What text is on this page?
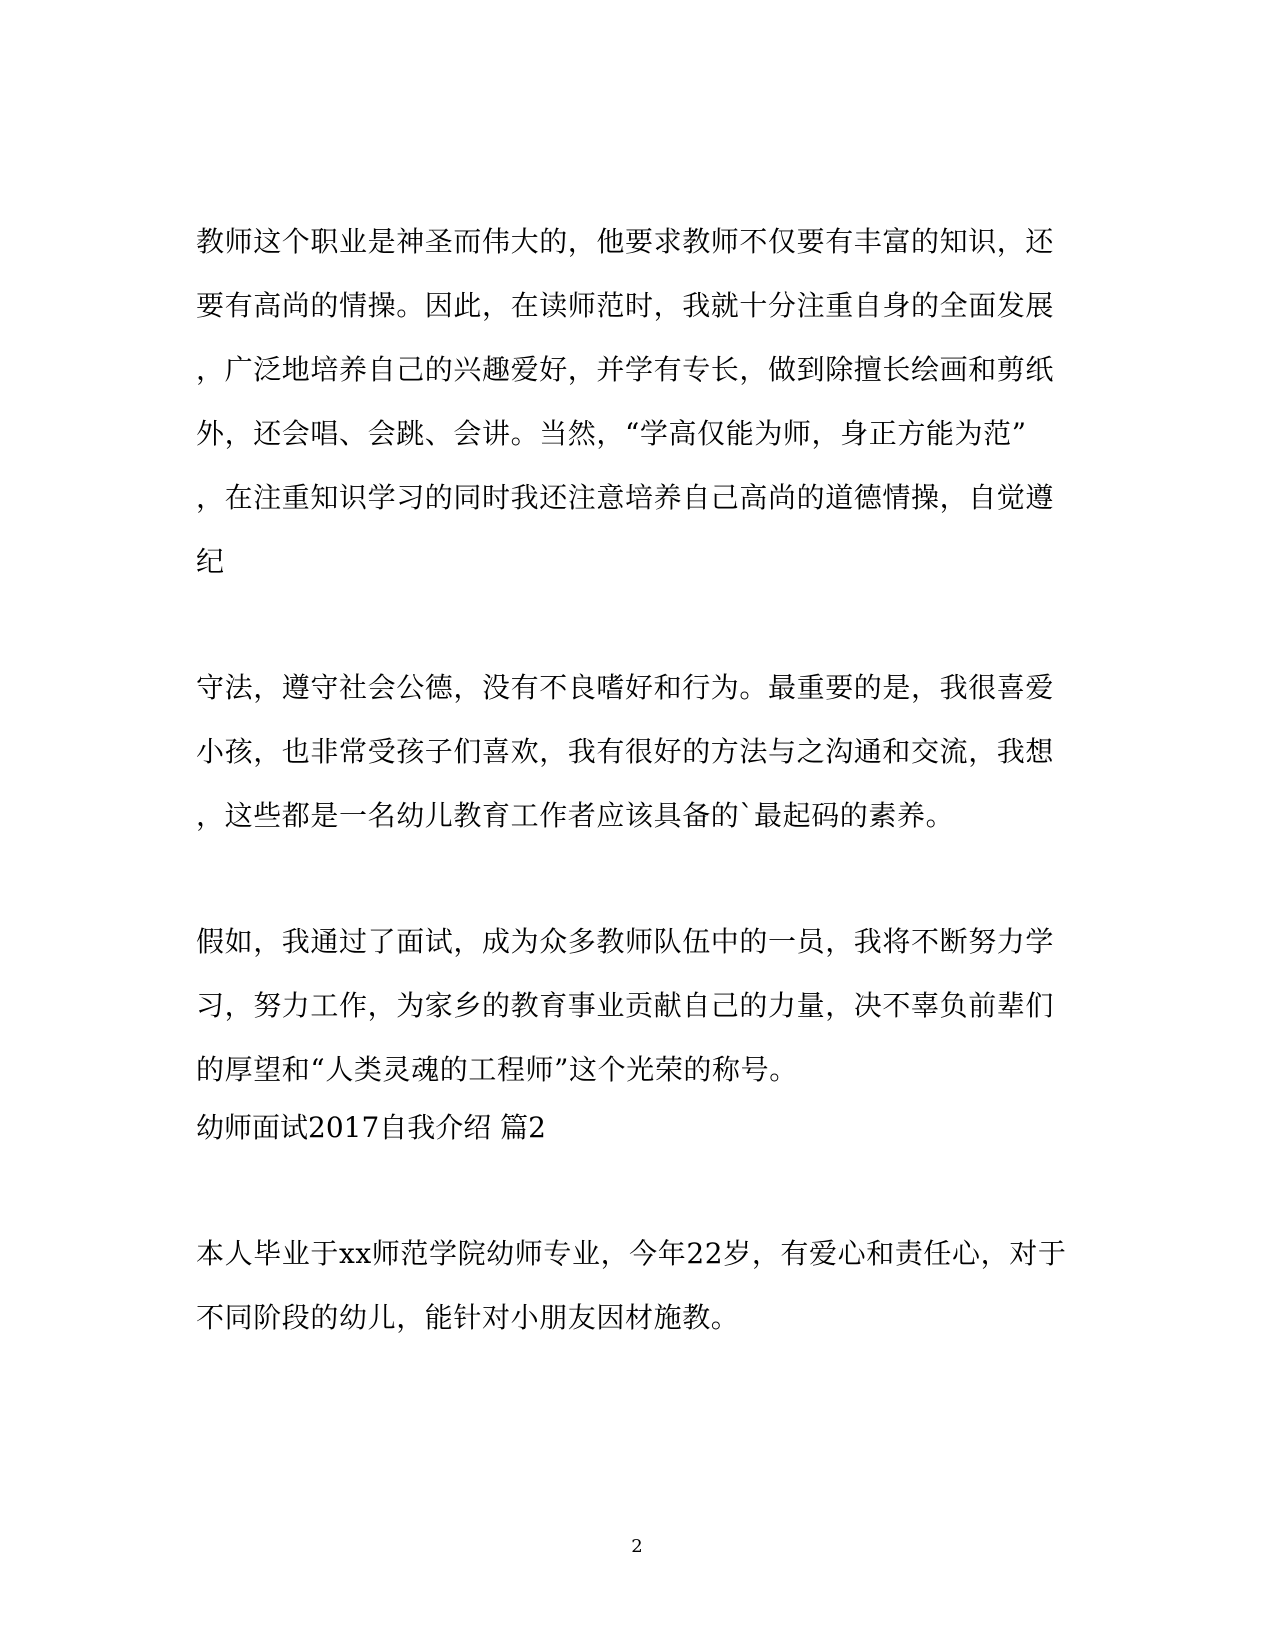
教师这个职业是神圣而伟大的，他要求教师不仅要有丰富的知识，还
要有高尚的情操。因此，在读师范时，我就十分注重自身的全面发展
，广泛地培养自己的兴趣爱好，并学有专长，做到除擅长绘画和剪纸
外，还会唱、会跳、会讲。当然，“学高仅能为师，身正方能为范”
，在注重知识学习的同时我还注意培养自己高尚的道德情操，自觉遵
纪
守法，遵守社会公德，没有不良嗜好和行为。最重要的是，我很喜爱
小孩，也非常受孩子们喜欢，我有很好的方法与之沟通和交流，我想
，这些都是一名幼儿教育工作者应该具备的`最起码的素养。
假如，我通过了面试，成为众多教师队伍中的一员，我将不断努力学
习，努力工作，为家乡的教育事业贡献自己的力量，决不辜负前辈们
的厚望和“人类灵魂的工程师”这个光荣的称号。
幼师面试2017自我介绍 篇2
本人毕业于xx师范学院幼师专业，今年22岁，有爱心和责任心，对于
不同阶段的幼儿，能针对小朋友因材施教。
2
